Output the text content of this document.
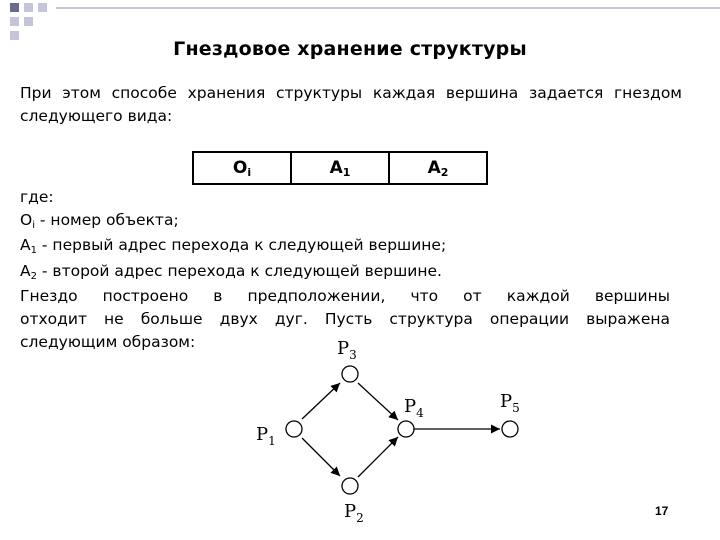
Гнездовое хранение структуры
При этом способе хранения структуры каждая вершина задается гнездом следующего вида:
$O_i$	$A_1$	$A_2$
где:
$O_i$ - номер объекта;
$A_1$ - первый адрес перехода к следующей вершине;
$A_2$ - второй адрес перехода к следующей вершине.
Гнездо построено в предположении, что от каждой вершины
отходит не больше двух дуг. Пусть структура операции выражена
следующим образом:
$P_1$
$P_3$
$P_4$
$P_5$
$P_2$	17
